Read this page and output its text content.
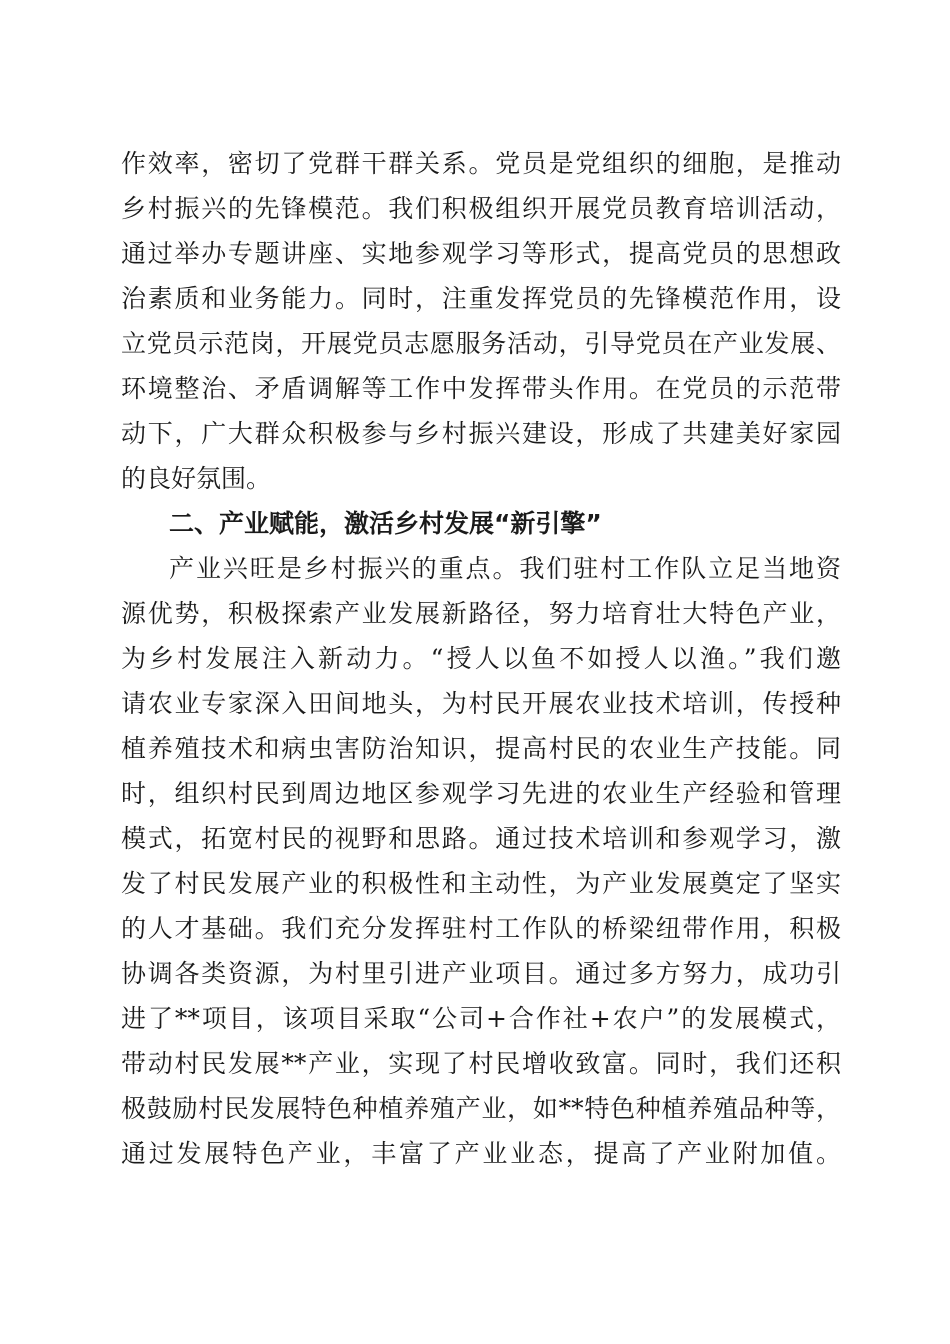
作效率，密切了党群干群关系。党员是党组织的细胞，是推动
乡村振兴的先锋模范。我们积极组织开展党员教育培训活动，
通过举办专题讲座、实地参观学习等形式，提高党员的思想政
治素质和业务能力。同时，注重发挥党员的先锋模范作用，设
立党员示范岗，开展党员志愿服务活动，引导党员在产业发展、
环境整治、矛盾调解等工作中发挥带头作用。在党员的示范带
动下，广大群众积极参与乡村振兴建设，形成了共建美好家园
的良好氛围。
二、产业赋能，激活乡村发展“新引擎”
产业兴旺是乡村振兴的重点。我们驻村工作队立足当地资
源优势，积极探索产业发展新路径，努力培育壮大特色产业，
为乡村发展注入新动力。“授人以鱼不如授人以渔。”我们邀
请农业专家深入田间地头，为村民开展农业技术培训，传授种
植养殖技术和病虫害防治知识，提高村民的农业生产技能。同
时，组织村民到周边地区参观学习先进的农业生产经验和管理
模式，拓宽村民的视野和思路。通过技术培训和参观学习，激
发了村民发展产业的积极性和主动性，为产业发展奠定了坚实
的人才基础。我们充分发挥驻村工作队的桥梁纽带作用，积极
协调各类资源，为村里引进产业项目。通过多方努力，成功引
进了**项目，该项目采取“公司+合作社+农户”的发展模式，
带动村民发展**产业，实现了村民增收致富。同时，我们还积
极鼓励村民发展特色种植养殖产业，如**特色种植养殖品种等，
通过发展特色产业，丰富了产业业态，提高了产业附加值。
